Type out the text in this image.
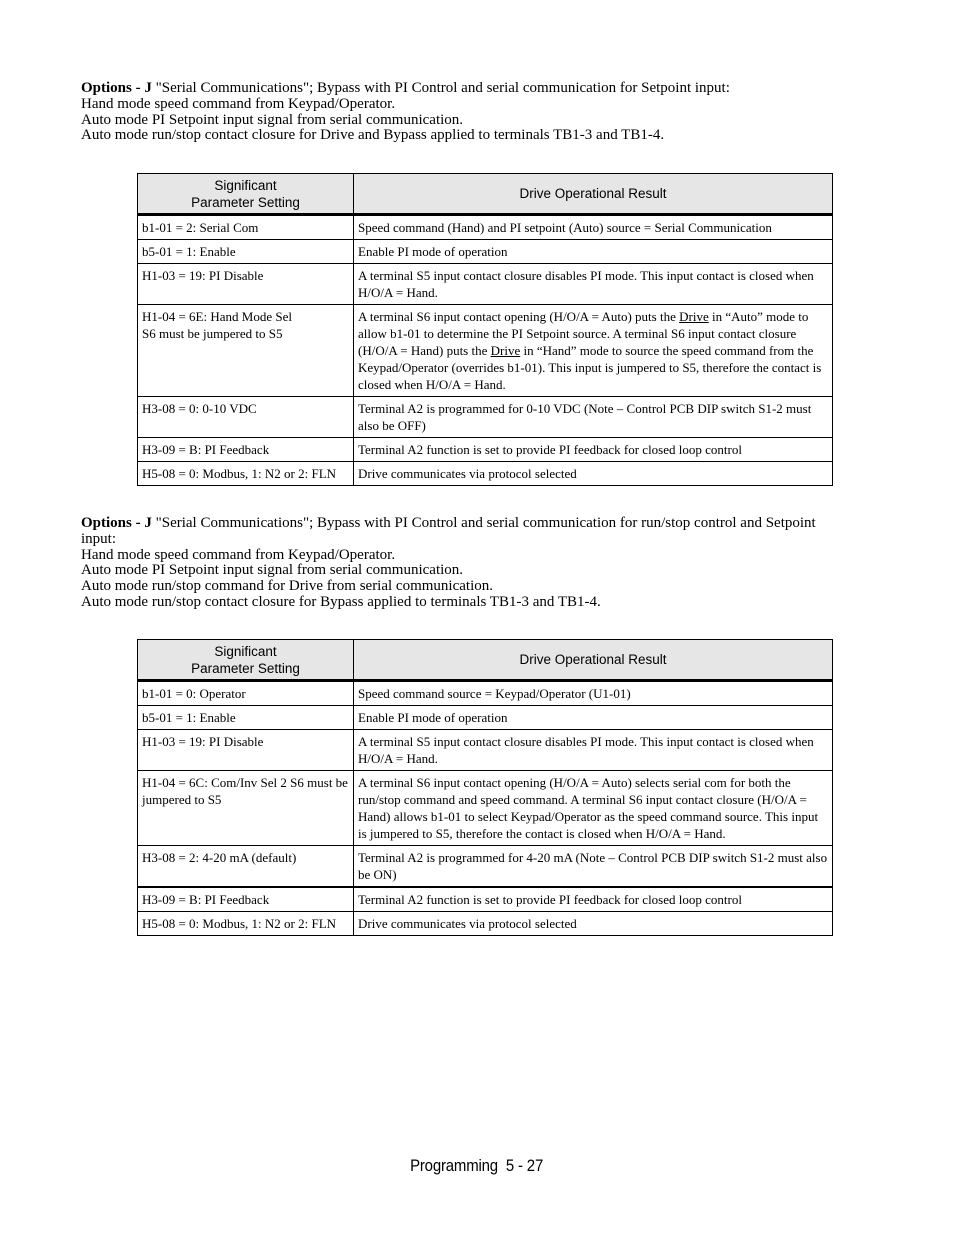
Options - J "Serial Communications"; Bypass with PI Control and serial communication for Setpoint input:
Hand mode speed command from Keypad/Operator.
Auto mode PI Setpoint input signal from serial communication.
Auto mode run/stop contact closure for Drive and Bypass applied to terminals TB1-3 and TB1-4.
Significant
Parameter Setting	Drive Operational Result
b1-01 = 2: Serial Com	Speed command (Hand) and PI setpoint (Auto) source = Serial Communication
b5-01 = 1: Enable	Enable PI mode of operation
H1-03 = 19: PI Disable	A terminal S5 input contact closure disables PI mode. This input contact is closed when H/O/A = Hand.

H1-04 = 6E: Hand Mode Sel
S6 must be jumpered to S5	A terminal S6 input contact opening (H/O/A = Auto) puts the Drive in “Auto” mode to allow b1-01 to determine the PI Setpoint source. A terminal S6 input contact closure (H/O/A = Hand) puts the Drive in “Hand” mode to source the speed command from the Keypad/Operator (overrides b1-01). This input is jumpered to S5, therefore the contact is closed when H/O/A = Hand.
H3-08 = 0: 0-10 VDC	Terminal A2 is programmed for 0-10 VDC (Note – Control PCB DIP switch S1-2 must also be OFF)
H3-09 = B: PI Feedback	Terminal A2 function is set to provide PI feedback for closed loop control
H5-08 = 0: Modbus, 1: N2 or 2: FLN	Drive communicates via protocol selected
Options - J "Serial Communications"; Bypass with PI Control and serial communication for run/stop control and Setpoint input:
Hand mode speed command from Keypad/Operator.
Auto mode PI Setpoint input signal from serial communication.
Auto mode run/stop command for Drive from serial communication.
Auto mode run/stop contact closure for Bypass applied to terminals TB1-3 and TB1-4.
Significant
Parameter Setting	Drive Operational Result
b1-01 = 0: Operator	Speed command source = Keypad/Operator (U1-01)
b5-01 = 1: Enable	Enable PI mode of operation
H1-03 = 19: PI Disable	A terminal S5 input contact closure disables PI mode. This input contact is closed when H/O/A = Hand.
H1-04 = 6C: Com/Inv Sel 2 S6 must be jumpered to S5	A terminal S6 input contact opening (H/O/A = Auto) selects serial com for both the run/stop command and speed command. A terminal S6 input contact closure (H/O/A = Hand) allows b1-01 to select Keypad/Operator as the speed command source. This input is jumpered to S5, therefore the contact is closed when H/O/A = Hand.
H3-08 = 2: 4-20 mA (default)	Terminal A2 is programmed for 4-20 mA (Note – Control PCB DIP switch S1-2 must also be ON)
H3-09 = B: PI Feedback	Terminal A2 function is set to provide PI feedback for closed loop control
H5-08 = 0: Modbus, 1: N2 or 2: FLN	Drive communicates via protocol selected
Programming  5 - 27
